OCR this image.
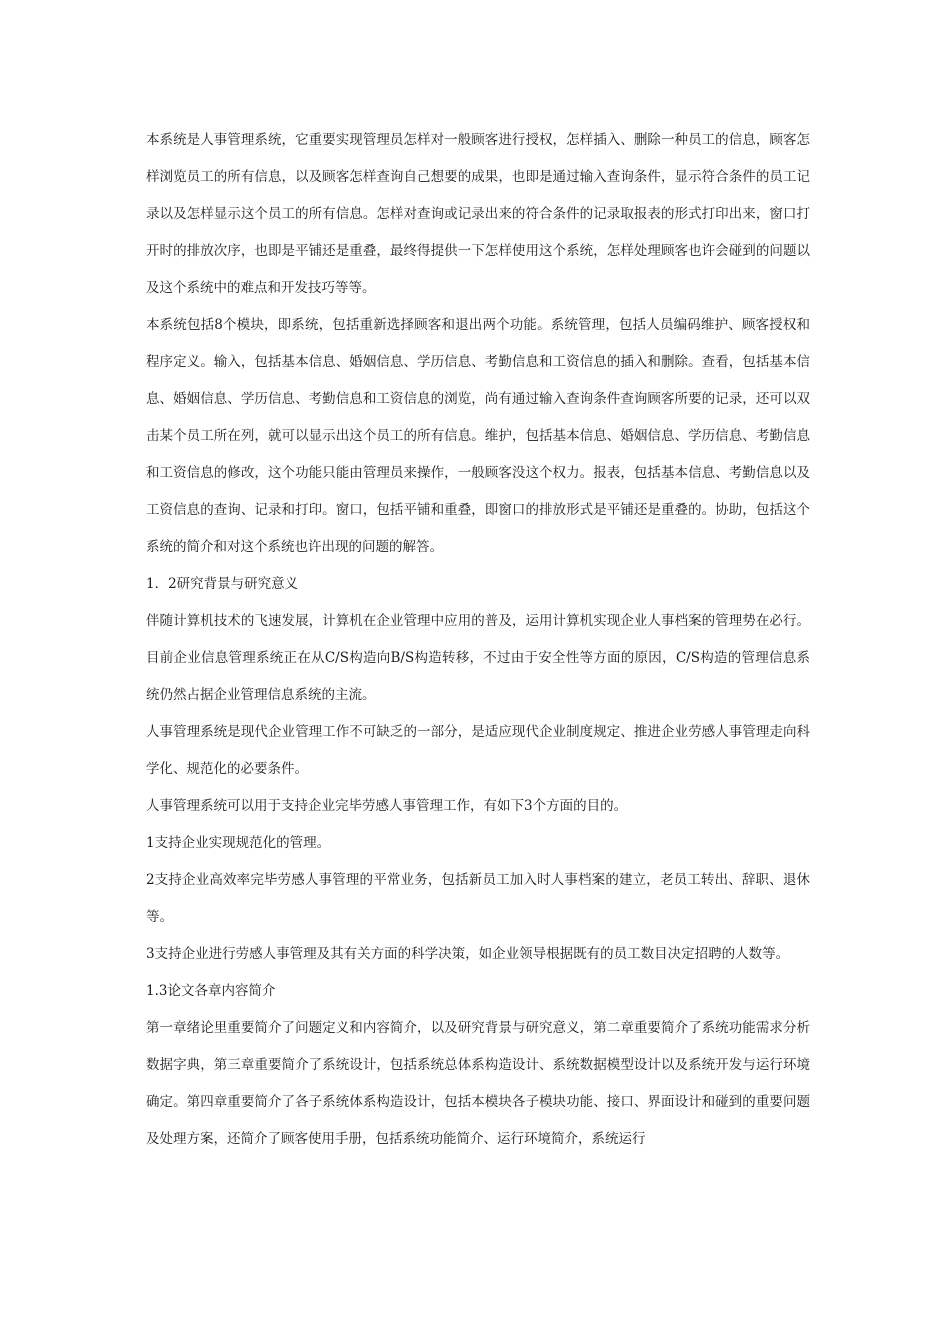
本系统是人事管理系统，它重要实现管理员怎样对一般顾客进行授权，怎样插入、删除一种员工的信息，顾客怎样浏览员工的所有信息，以及顾客怎样查询自己想要的成果，也即是通过输入查询条件，显示符合条件的员工记录以及怎样显示这个员工的所有信息。怎样对查询或记录出来的符合条件的记录取报表的形式打印出来，窗口打开时的排放次序，也即是平铺还是重叠，最终得提供一下怎样使用这个系统，怎样处理顾客也许会碰到的问题以及这个系统中的难点和开发技巧等等。

本系统包括8个模块，即系统，包括重新选择顾客和退出两个功能。系统管理，包括人员编码维护、顾客授权和程序定义。输入，包括基本信息、婚姻信息、学历信息、考勤信息和工资信息的插入和删除。查看，包括基本信息、婚姻信息、学历信息、考勤信息和工资信息的浏览，尚有通过输入查询条件查询顾客所要的记录，还可以双击某个员工所在列，就可以显示出这个员工的所有信息。维护，包括基本信息、婚姻信息、学历信息、考勤信息和工资信息的修改，这个功能只能由管理员来操作，一般顾客没这个权力。报表，包括基本信息、考勤信息以及工资信息的查询、记录和打印。窗口，包括平铺和重叠，即窗口的排放形式是平铺还是重叠的。协助，包括这个系统的简介和对这个系统也许出现的问题的解答。

1．2研究背景与研究意义

伴随计算机技术的飞速发展，计算机在企业管理中应用的普及，运用计算机实现企业人事档案的管理势在必行。目前企业信息管理系统正在从C/S构造向B/S构造转移，不过由于安全性等方面的原因，C/S构造的管理信息系统仍然占据企业管理信息系统的主流。

人事管理系统是现代企业管理工作不可缺乏的一部分，是适应现代企业制度规定、推进企业劳感人事管理走向科学化、规范化的必要条件。

人事管理系统可以用于支持企业完毕劳感人事管理工作，有如下3个方面的目的。

1支持企业实现规范化的管理。

2支持企业高效率完毕劳感人事管理的平常业务，包括新员工加入时人事档案的建立，老员工转出、辞职、退休等。

3支持企业进行劳感人事管理及其有关方面的科学决策，如企业领导根据既有的员工数目决定招聘的人数等。

1.3论文各章内容简介

第一章绪论里重要简介了问题定义和内容简介，以及研究背景与研究意义，第二章重要简介了系统功能需求分析数据字典，第三章重要简介了系统设计，包括系统总体系构造设计、系统数据模型设计以及系统开发与运行环境确定。第四章重要简介了各子系统体系构造设计，包括本模块各子模块功能、接口、界面设计和碰到的重要问题及处理方案，还简介了顾客使用手册，包括系统功能简介、运行环境简介，系统运行
